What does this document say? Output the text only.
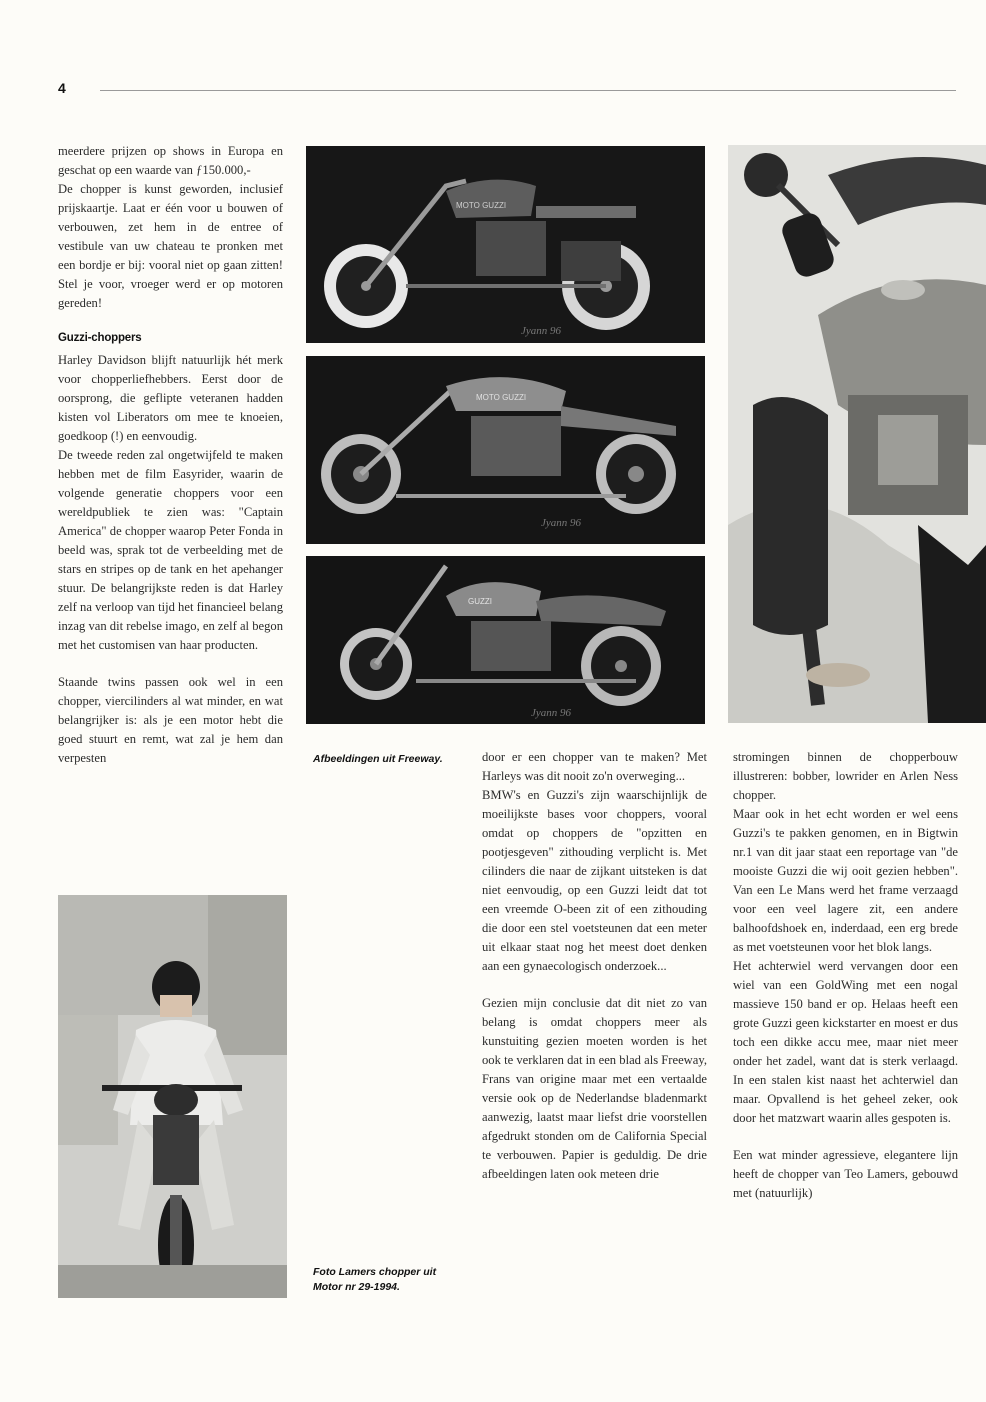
4

meerdere prijzen op shows in Europa en geschat op een waarde van ƒ150.000,-

De chopper is kunst geworden, inclusief prijskaartje. Laat er één voor u bouwen of verbouwen, zet hem in de entree of vestibule van uw chateau te pronken met een bordje er bij: vooral niet op gaan zitten! Stel je voor, vroeger werd er op motoren gereden!

Guzzi-choppers

Harley Davidson blijft natuurlijk hét merk voor chopperliefhebbers. Eerst door de oorsprong, die geflipte veteranen hadden kisten vol Liberators om mee te knoeien, goedkoop (!) en eenvoudig.

De tweede reden zal ongetwijfeld te maken hebben met de film Easyrider, waarin de volgende generatie choppers voor een wereldpubliek te zien was: "Captain America" de chopper waarop Peter Fonda in beeld was, sprak tot de verbeelding met de stars en stripes op de tank en het apehanger stuur. De belangrijkste reden is dat Harley zelf na verloop van tijd het financieel belang inzag van dit rebelse imago, en zelf al begon met het customisen van haar producten.

Staande twins passen ook wel in een chopper, viercilinders al wat minder, en wat belangrijker is: als je een motor hebt die goed stuurt en remt, wat zal je hem dan verpesten

MOTO GUZZI
Jyann 96
MOTO GUZZI
Jyann 96
GUZZI
Jyann 96
Afbeeldingen uit Freeway.
Foto Lamers chopper uit
Motor nr 29-1994.

door er een chopper van te maken? Met Harleys was dit nooit zo'n overweging...

BMW's en Guzzi's zijn waarschijnlijk de moeilijkste bases voor choppers, vooral omdat op choppers de "opzitten en pootjesgeven" zithouding verplicht is. Met cilinders die naar de zijkant uitsteken is dat niet eenvoudig, op een Guzzi leidt dat tot een vreemde O-been zit of een zithouding die door een stel voetsteunen dat een meter uit elkaar staat nog het meest doet denken aan een gynaecologisch onderzoek...

Gezien mijn conclusie dat dit niet zo van belang is omdat choppers meer als kunstuiting gezien moeten worden is het ook te verklaren dat in een blad als Freeway, Frans van origine maar met een vertaalde versie ook op de Nederlandse bladenmarkt aanwezig, laatst maar liefst drie voorstellen afgedrukt stonden om de California Special te verbouwen. Papier is geduldig. De drie afbeeldingen laten ook meteen drie

stromingen binnen de chopperbouw illustreren: bobber, lowrider en Arlen Ness chopper.

Maar ook in het echt worden er wel eens Guzzi's te pakken genomen, en in Bigtwin nr.1 van dit jaar staat een reportage van "de mooiste Guzzi die wij ooit gezien hebben". Van een Le Mans werd het frame verzaagd voor een veel lagere zit, een andere balhoofdshoek en, inderdaad, een erg brede as met voetsteunen voor het blok langs.

Het achterwiel werd vervangen door een wiel van een GoldWing met een nogal massieve 150 band er op. Helaas heeft een grote Guzzi geen kickstarter en moest er dus toch een dikke accu mee, maar niet meer onder het zadel, want dat is sterk verlaagd. In een stalen kist naast het achterwiel dan maar. Opvallend is het geheel zeker, ook door het matzwart waarin alles gespoten is.

Een wat minder agressieve, elegantere lijn heeft de chopper van Teo Lamers, gebouwd met (natuurlijk)
